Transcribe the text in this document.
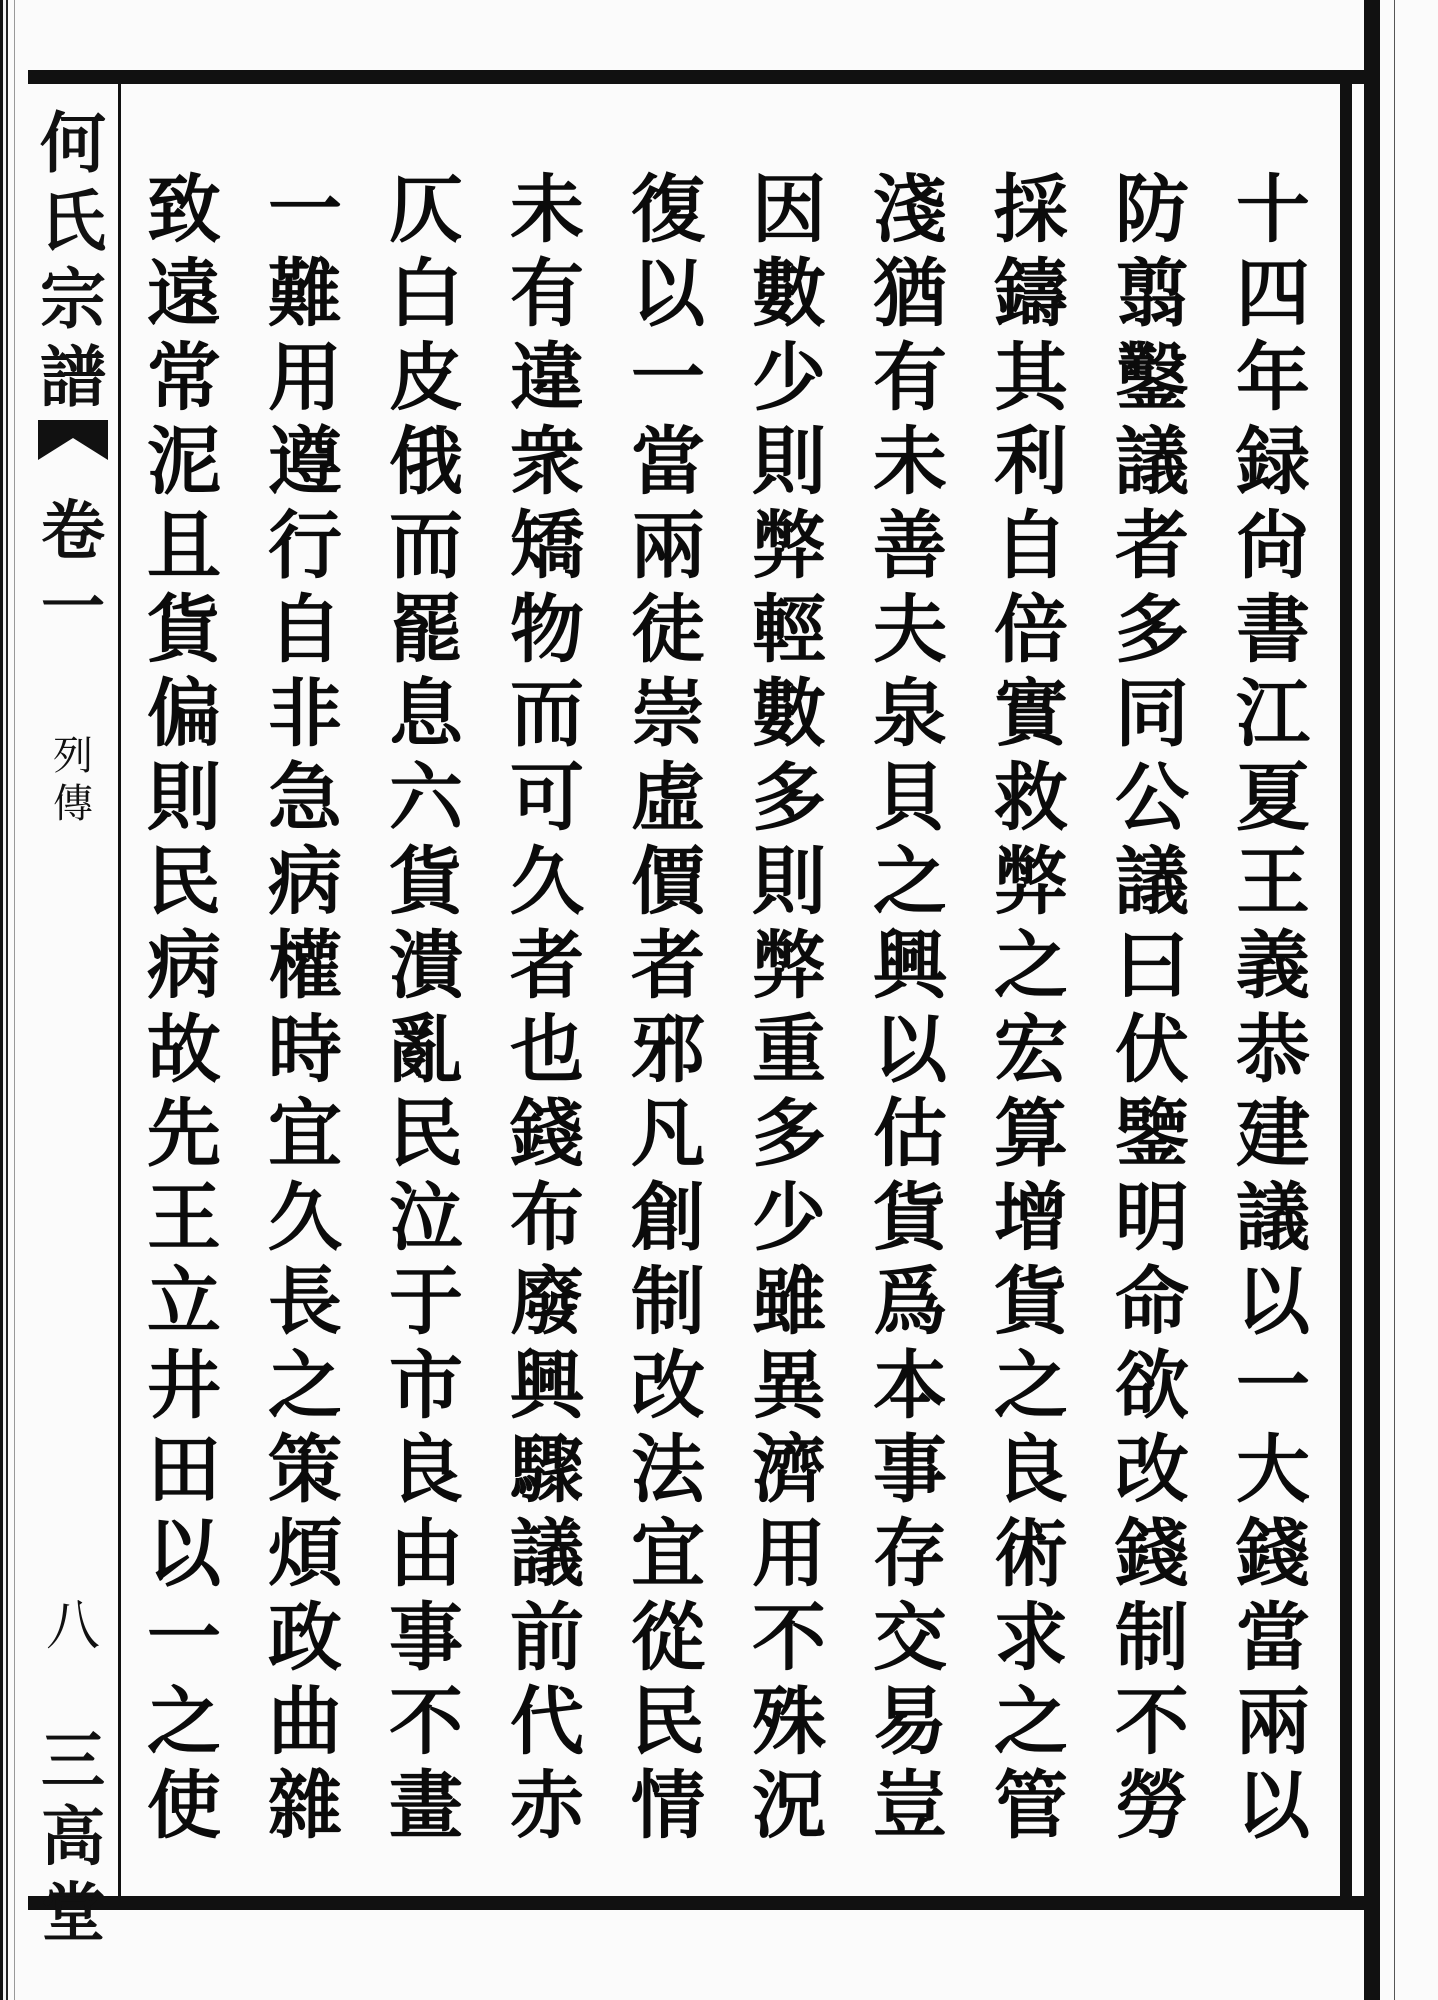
何
氏
宗
譜
卷
一
列
傳
八
三
高
堂
十
四
年
録
尙
書
江
夏
王
義
恭
建
議
以
一
大
錢
當
兩
以
防
翦
鑿
議
者
多
同
公
議
曰
伏
鑒
明
命
欲
改
錢
制
不
勞
採
鑄
其
利
自
倍
實
救
弊
之
宏
算
增
貨
之
良
術
求
之
管
淺
猶
有
未
善
夫
泉
貝
之
興
以
估
貨
爲
本
事
存
交
易
豈
因
數
少
則
弊
輕
數
多
則
弊
重
多
少
雖
異
濟
用
不
殊
況
復
以
一
當
兩
徒
崇
虛
價
者
邪
凡
創
制
改
法
宜
從
民
情
未
有
違
衆
矯
物
而
可
久
者
也
錢
布
廢
興
驟
議
前
代
赤
仄
白
皮
俄
而
罷
息
六
貨
潰
亂
民
泣
于
市
良
由
事
不
畫
一
難
用
遵
行
自
非
急
病
權
時
宜
久
長
之
策
煩
政
曲
雜
致
遠
常
泥
且
貨
偏
則
民
病
故
先
王
立
井
田
以
一
之
使
